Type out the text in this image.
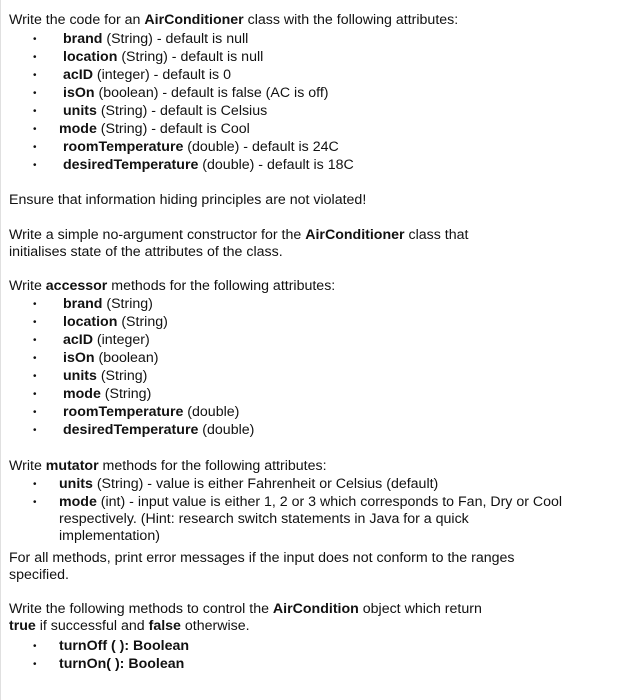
Write the code for an AirConditioner class with the following attributes:

• brand (String) - default is null
• location (String) - default is null
• acID (integer) - default is 0
• isOn (boolean) - default is false (AC is off)
• units (String) - default is Celsius
• mode (String) - default is Cool
• roomTemperature (double) - default is 24C
• desiredTemperature (double) - default is 18C

Ensure that information hiding principles are not violated!

Write a simple no-argument constructor for the AirConditioner class that initialises state of the attributes of the class.

Write accessor methods for the following attributes:

• brand (String)
• location (String)
• acID (integer)
• isOn (boolean)
• units (String)
• mode (String)
• roomTemperature (double)
• desiredTemperature (double)

Write mutator methods for the following attributes:

• units (String) - value is either Fahrenheit or Celsius (default)
• mode (int) - input value is either 1, 2 or 3 which corresponds to Fan, Dry or Cool respectively. (Hint: research switch statements in Java for a quick implementation)

For all methods, print error messages if the input does not conform to the ranges specified.

Write the following methods to control the AirCondition object which return
true if successful and false otherwise.

• turnOff ( ): Boolean
• turnOn( ): Boolean
